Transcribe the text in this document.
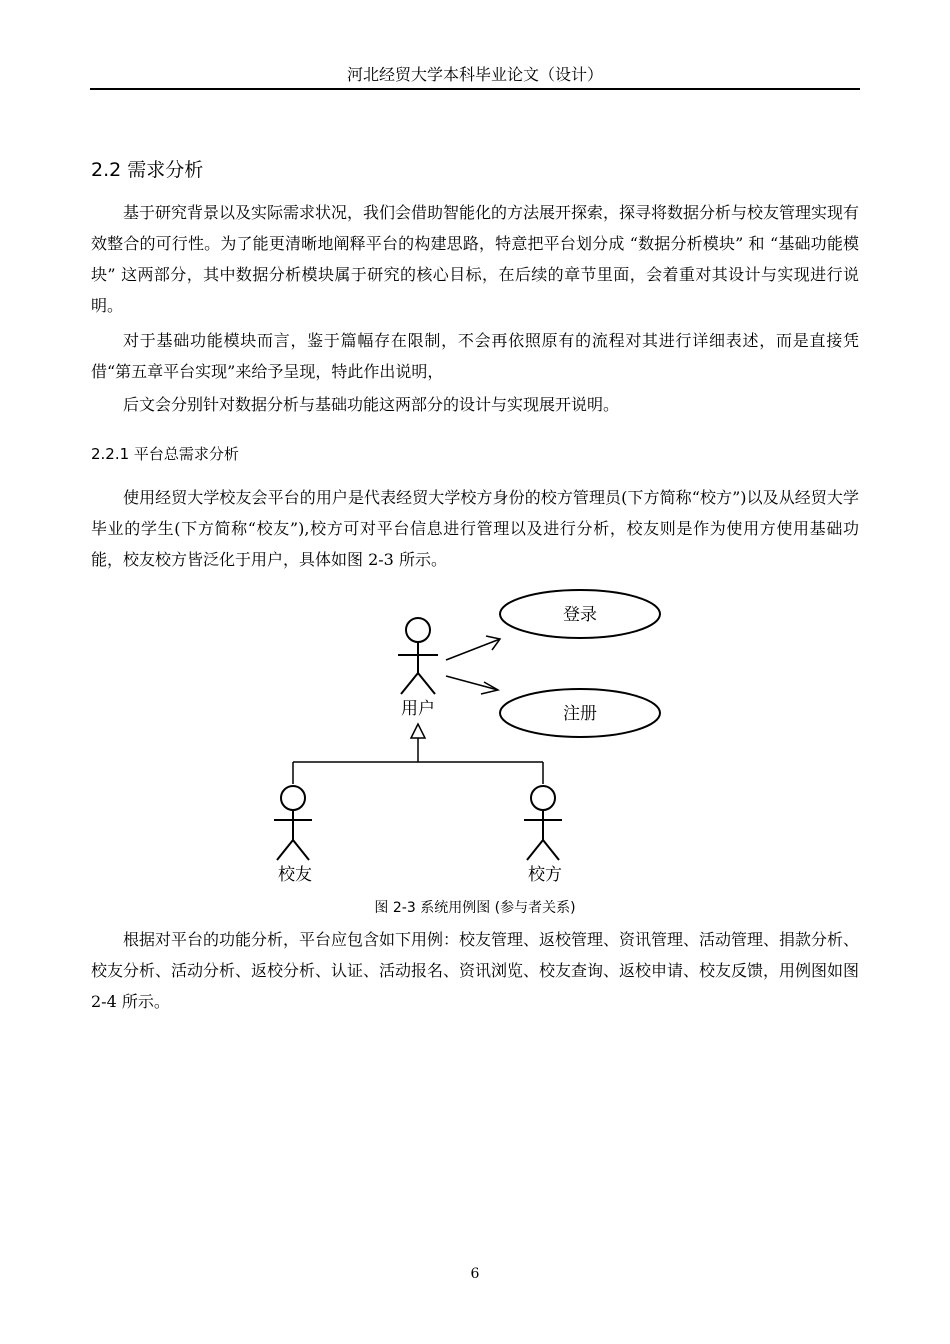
河北经贸大学本科毕业论文（设计）
2.2 需求分析

基于研究背景以及实际需求状况，我们会借助智能化的方法展开探索，探寻将数据分析与校友管理实现有效整合的可行性。为了能更清晰地阐释平台的构建思路，特意把平台划分成 “数据分析模块” 和 “基础功能模块” 这两部分，其中数据分析模块属于研究的核心目标，在后续的章节里面，会着重对其设计与实现进行说明。

对于基础功能模块而言，鉴于篇幅存在限制，不会再依照原有的流程对其进行详细表述，而是直接凭借“第五章平台实现”来给予呈现，特此作出说明，

后文会分别针对数据分析与基础功能这两部分的设计与实现展开说明。

2.2.1 平台总需求分析

使用经贸大学校友会平台的用户是代表经贸大学校方身份的校方管理员(下方简称“校方”)以及从经贸大学毕业的学生(下方简称“校友”),校方可对平台信息进行管理以及进行分析，校友则是作为使用方使用基础功能，校友校方皆泛化于用户，具体如图 2-3 所示。

登录
注册
用户
校友	校方
图 2-3 系统用例图 (参与者关系)

根据对平台的功能分析，平台应包含如下用例：校友管理、返校管理、资讯管理、活动管理、捐款分析、校友分析、活动分析、返校分析、认证、活动报名、资讯浏览、校友查询、返校申请、校友反馈，用例图如图 2-4 所示。

6
